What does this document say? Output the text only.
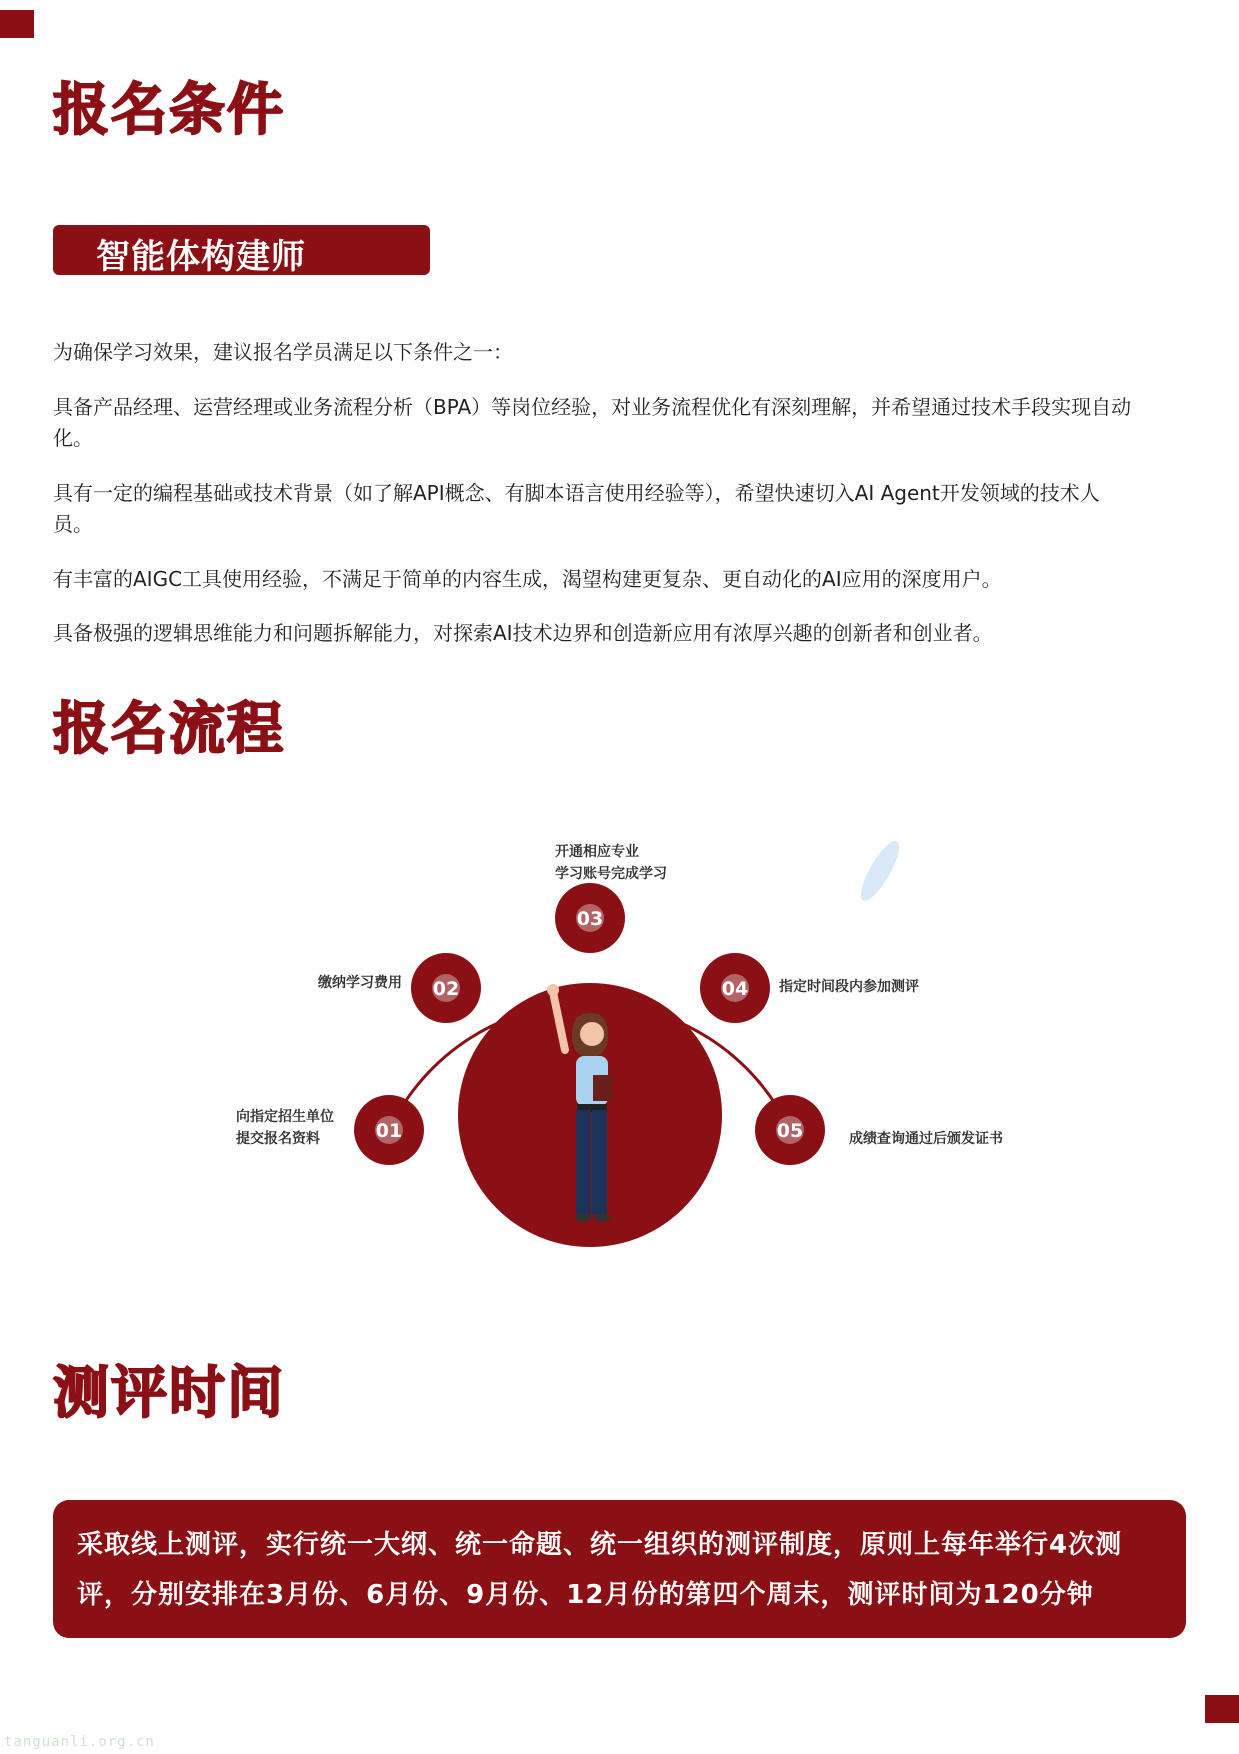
报名条件
智能体构建师

为确保学习效果，建议报名学员满足以下条件之一：

具备产品经理、运营经理或业务流程分析（BPA）等岗位经验，对业务流程优化有深刻理解，并希望通过技术手段实现自动化。

具有一定的编程基础或技术背景（如了解API概念、有脚本语言使用经验等），希望快速切入AI Agent开发领域的技术人员。

有丰富的AIGC工具使用经验，不满足于简单的内容生成，渴望构建更复杂、更自动化的AI应用的深度用户。

具备极强的逻辑思维能力和问题拆解能力，对探索AI技术边界和创造新应用有浓厚兴趣的创新者和创业者。

报名流程
01
02
03
04
05

向指定招生单位
提交报名资料

缴纳学习费用

开通相应专业
学习账号完成学习

指定时间段内参加测评

成绩查询通过后颁发证书

测评时间

采取线上测评，实行统一大纲、统一命题、统一组织的测评制度，原则上每年举行4次测评，分别安排在3月份、6月份、9月份、12月份的第四个周末，测评时间为120分钟

tanguanli.org.cn
